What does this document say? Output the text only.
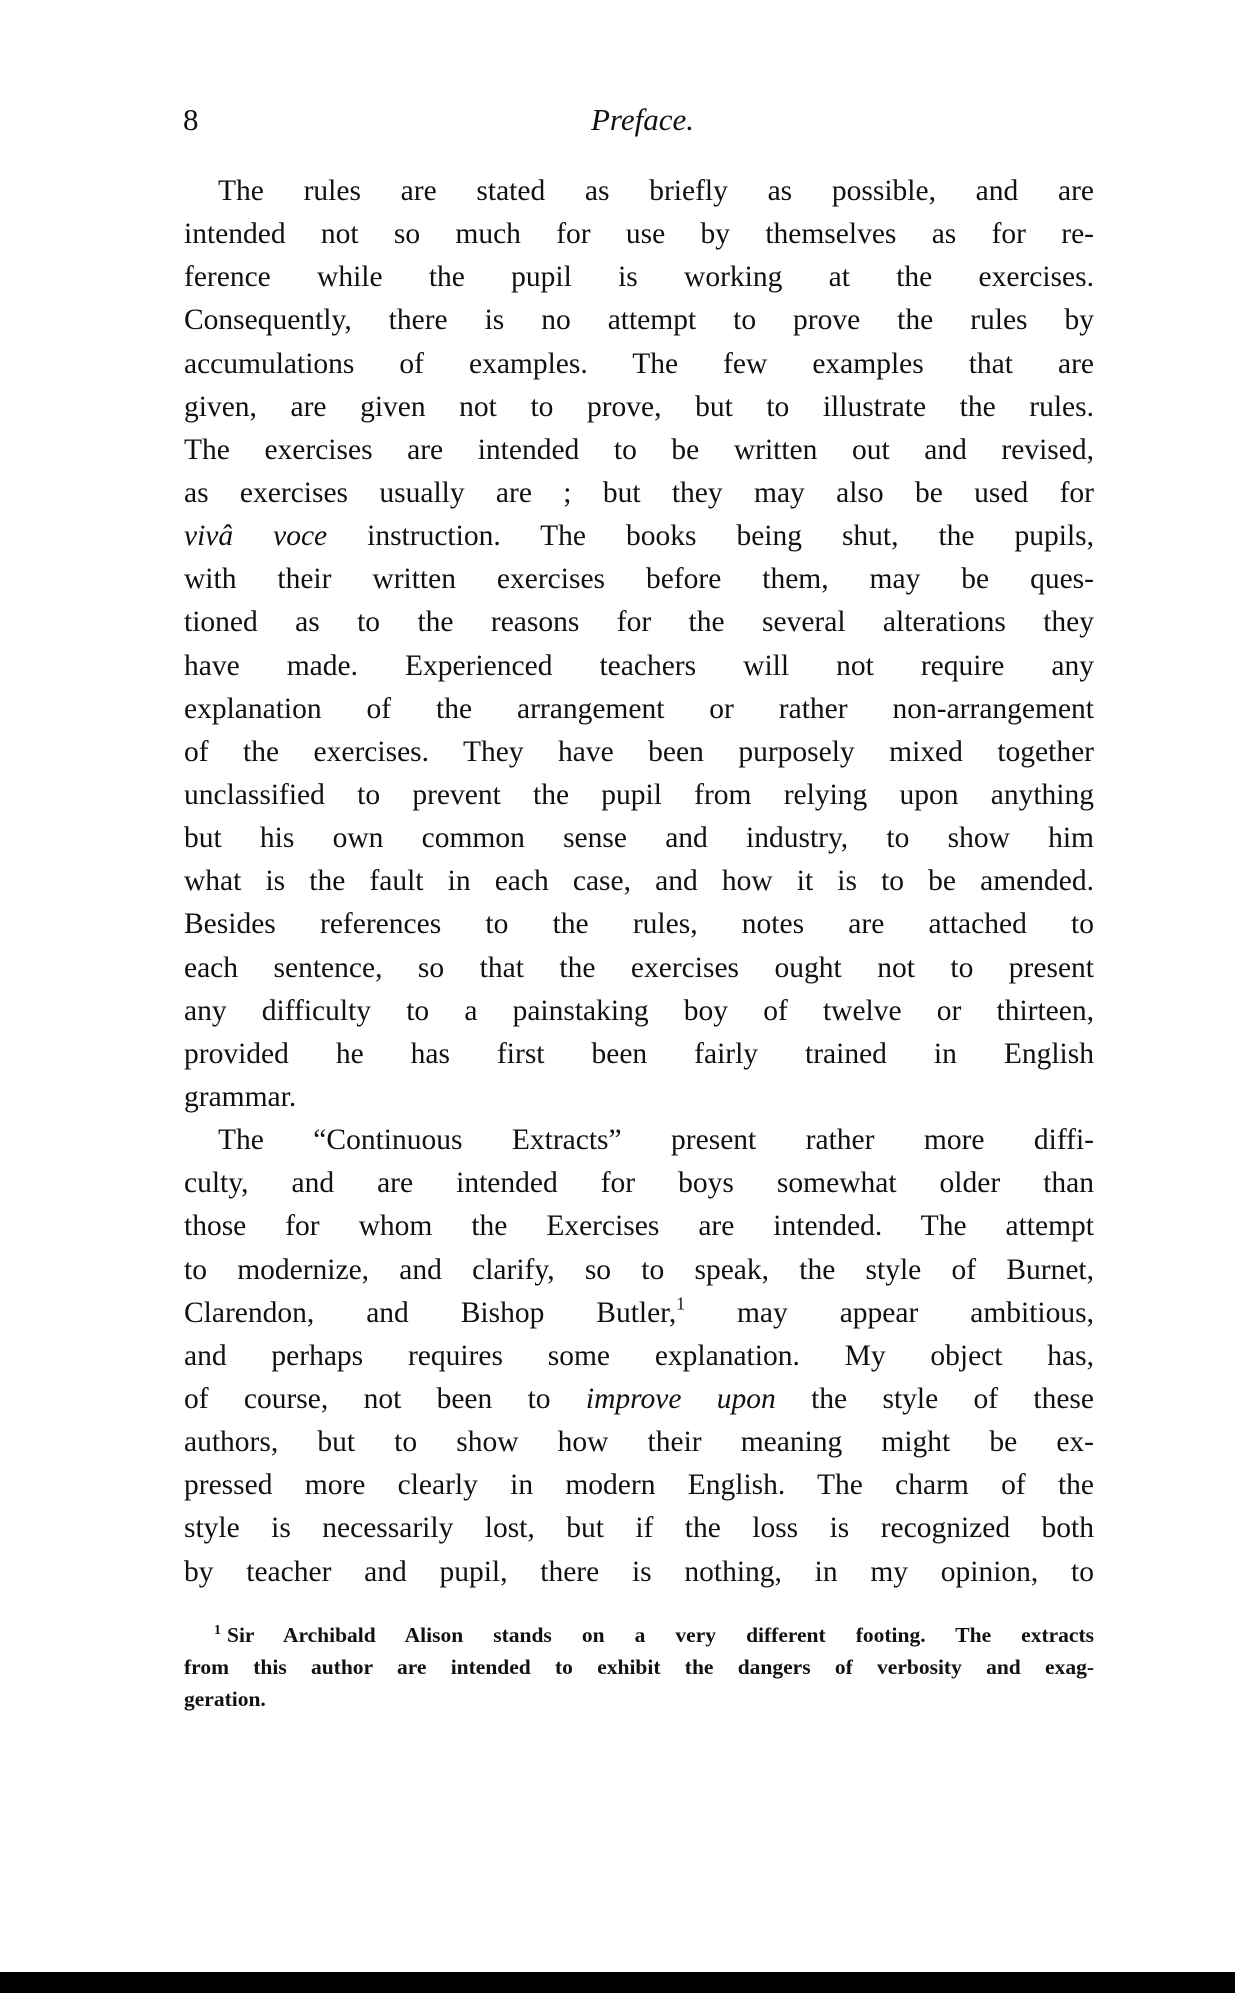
8	Preface.
The rules are stated as briefly as possible, and are
intended not so much for use by themselves as for re-
ference while the pupil is working at the exercises.
Consequently, there is no attempt to prove the rules by
accumulations of examples. The few examples that are
given, are given not to prove, but to illustrate the rules.
The exercises are intended to be written out and revised,
as exercises usually are ; but they may also be used for
vivâ voce instruction. The books being shut, the pupils,
with their written exercises before them, may be ques-
tioned as to the reasons for the several alterations they
have made. Experienced teachers will not require any
explanation of the arrangement or rather non-arrangement
of the exercises. They have been purposely mixed together
unclassified to prevent the pupil from relying upon anything
but his own common sense and industry, to show him
what is the fault in each case, and how it is to be amended.
Besides references to the rules, notes are attached to
each sentence, so that the exercises ought not to present
any difficulty to a painstaking boy of twelve or thirteen,
provided he has first been fairly trained in English
grammar.
The “Continuous Extracts” present rather more diffi-
culty, and are intended for boys somewhat older than
those for whom the Exercises are intended. The attempt
to modernize, and clarify, so to speak, the style of Burnet,
Clarendon, and Bishop Butler,$^1$ may appear ambitious,
and perhaps requires some explanation. My object has,
of course, not been to improve upon the style of these
authors, but to show how their meaning might be ex-
pressed more clearly in modern English. The charm of the
style is necessarily lost, but if the loss is recognized both
by teacher and pupil, there is nothing, in my opinion, to
$^1$ Sir Archibald Alison stands on a very different footing. The extracts
from this author are intended to exhibit the dangers of verbosity and exag-
geration.
